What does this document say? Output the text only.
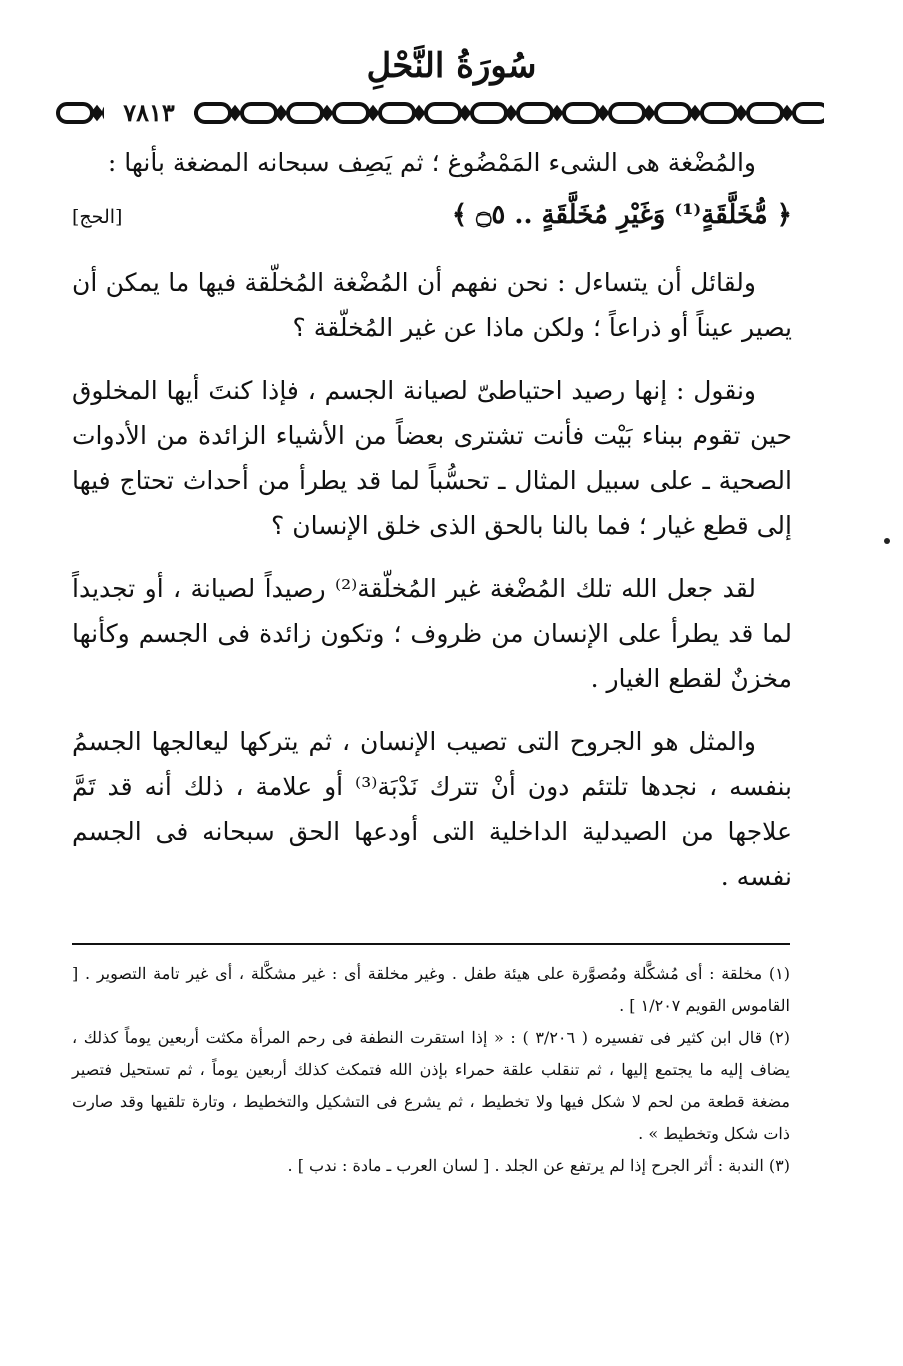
سُورَةُ النَّحْلِ
٧٨١٣

والمُضْغة هى الشىء المَمْضُوغ ؛ ثم يَصِف سبحانه المضغة بأنها :

﴿ مُّخَلَّقَةٍ⁽¹⁾ وَغَيْرِ مُخَلَّقَةٍ .. ۝٥ ﴾
[الحج]

ولقائل أن يتساءل : نحن نفهم أن المُضْغة المُخلّقة فيها ما يمكن أن يصير عيناً أو ذراعاً ؛ ولكن ماذا عن غير المُخلّقة ؟

ونقول : إنها رصيد احتياطىّ لصيانة الجسم ، فإذا كنتَ أيها المخلوق حين تقوم ببناء بَيْت فأنت تشترى بعضاً من الأشياء الزائدة من الأدوات الصحية ـ على سبيل المثال ـ تحسُّباً لما قد يطرأ من أحداث تحتاج فيها إلى قطع غيار ؛ فما بالنا بالحق الذى خلق الإنسان ؟

لقد جعل الله تلك المُضْغة غير المُخلّقة⁽²⁾ رصيداً لصيانة ، أو تجديداً لما قد يطرأ على الإنسان من ظروف ؛ وتكون زائدة فى الجسم وكأنها مخزنٌ لقطع الغيار .

والمثل هو الجروح التى تصيب الإنسان ، ثم يتركها ليعالجها الجسمُ بنفسه ، نجدها تلتئم دون أنْ تترك نَدْبَة⁽³⁾ أو علامة ، ذلك أنه قد تَمَّ علاجها من الصيدلية الداخلية التى أودعها الحق سبحانه فى الجسم نفسه .

(١) مخلقة : أى مُشكَّلة ومُصوَّرة على هيئة طفل . وغير مخلقة أى : غير مشكَّلة ، أى غير تامة التصوير . [ القاموس القويم ١/٢٠٧ ] .

(٢) قال ابن كثير فى تفسيره ( ٣/٢٠٦ ) : « إذا استقرت النطفة فى رحم المرأة مكثت أربعين يوماً كذلك ، يضاف إليه ما يجتمع إليها ، ثم تنقلب علقة حمراء بإذن الله فتمكث كذلك أربعين يوماً ، ثم تستحيل فتصير مضغة قطعة من لحم لا شكل فيها ولا تخطيط ، ثم يشرع فى التشكيل والتخطيط ، وتارة تلقيها وقد صارت ذات شكل وتخطيط » .

(٣) الندبة : أثر الجرح إذا لم يرتفع عن الجلد . [ لسان العرب ـ مادة : ندب ] .
